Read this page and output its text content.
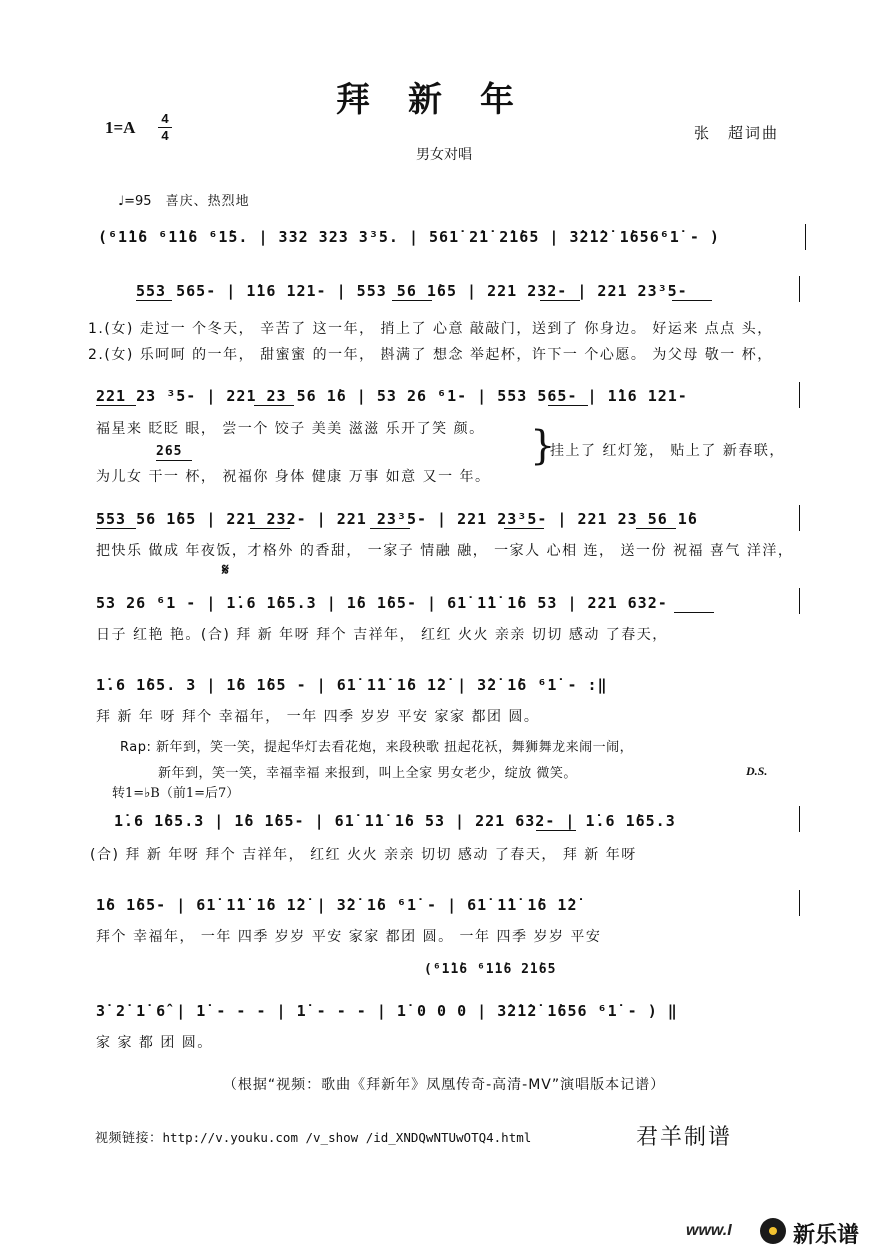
拜新年
1=A 4
4	张　超词曲
男女对唱
♩=95 喜庆、热烈地
(⁶1̇1̇6 ⁶1̇1̇6 ⁶1̇5. | 332 323 3³5. | 561̇ 2̇1̇ 2̇1̇65 | 3̇2̇1̇2̇ 1̇656⁶1̇ - )
553 565- | 1̇16 121- | 553 56 1̇65 | 221 232- | 221 23³5-
1.(女) 走过一 个冬天， 辛苦了 这一年， 捎上了 心意 敲敲门，送到了 你身边。 好运来 点点 头，
2.(女) 乐呵呵 的一年， 甜蜜蜜 的一年， 斟满了 想念 举起杯，许下一 个心愿。 为父母 敬一 杯，
221 23 ³5- | 221 23 56 1̇6 | 53 26 ⁶1- | 553 565- | 1̇16 121-
福星来 眨眨 眼， 尝一个 饺子 美美 滋滋 乐开了笑 颜。
265
为儿女 干一 杯， 祝福你 身体 健康 万事 如意 又一 年。
}
挂上了 红灯笼， 贴上了 新春联，
553 56 1̇65 | 221 232- | 221 23³5- | 221 23³5- | 221 23 56 1̇6
把快乐 做成 年夜饭，才格外 的香甜， 一家子 情融 融， 一家人 心相 连， 送一份 祝福 喜气 洋洋，
𝄋
53 26 ⁶1 - | 1̇.6 1̇65.3 | 1̇6 1̇65- | 61̇ 1̇1̇ 1̇6 53 | 221 632-
日子 红艳 艳。(合) 拜 新 年呀 拜个 吉祥年， 红红 火火 亲亲 切切 感动 了春天，
1̇.6 1̇65. 3 | 1̇6 1̇65 - | 61̇ 1̇1̇ 1̇6 1̇2̇ | 3̇2̇ 1̇6 ⁶1̇ - :‖
拜 新 年 呀 拜个 幸福年， 一年 四季 岁岁 平安 家家 都团 圆。
Rap: 新年到，笑一笑，提起华灯去看花炮，来段秧歌 扭起花袄，舞狮舞龙来闹一闹，
新年到，笑一笑，幸福幸福 来报到，叫上全家 男女老少，绽放 微笑。	D.S.
转1=♭B（前1=后7）
1̇.6 1̇65.3 | 1̇6 1̇65- | 61̇ 1̇1̇ 1̇6 53 | 221 632- | 1̇.6 1̇65.3
(合) 拜 新 年呀 拜个 吉祥年， 红红 火火 亲亲 切切 感动 了春天， 拜 新 年呀
1̇6 1̇65- | 61̇ 1̇1̇ 1̇6 1̇2̇ | 3̇2̇ 1̇6 ⁶1̇ - | 61̇ 1̇1̇ 1̇6 1̇2̇
拜个 幸福年， 一年 四季 岁岁 平安 家家 都团 圆。 一年 四季 岁岁 平安
(⁶1̇1̇6 ⁶1̇1̇6 2̇1̇65
3̇ 2̇ 1̇ 6̂ | 1̇ - - - | 1̇ - - - | 1̇ 0 0 0 | 3̇2̇1̇2̇ 1̇656 ⁶1̇ - ) ‖
家 家 都 团 圆。
（根据“视频：歌曲《拜新年》凤凰传奇-高清-MV”演唱版本记谱）
视频链接：http://v.youku.com /v_show /id_XNDQwNTUwOTQ4.html	君羊制谱
www.I	新乐谱
